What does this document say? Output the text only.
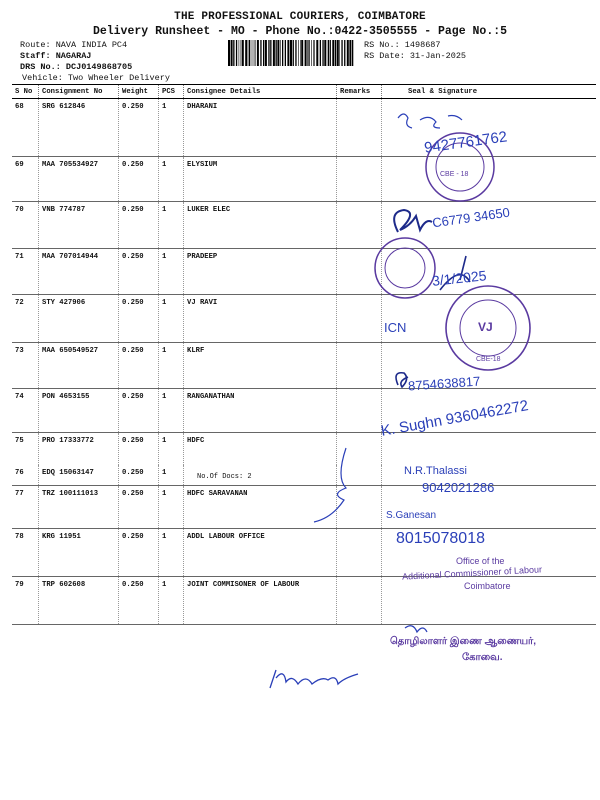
THE PROFESSIONAL COURIERS, COIMBATORE
Delivery Runsheet - MO - Phone No.:0422-3505555 - Page No.:5
Route: NAVA INDIA PC4
Staff: NAGARAJ
DRS No.: DCJ0149868705
Vehicle: Two Wheeler Delivery
RS No.: 1498687
RS Date: 31-Jan-2025
S No	Consignment No	Weight	PCS	Consignee Details	Remarks	Seal & Signature
68	SRG 612846	0.250	1	DHARANI		
69	MAA 705534927	0.250	1	ELYSIUM		
70	VNB 774787	0.250	1	LUKER ELEC		
71	MAA 707014944	0.250	1	PRADEEP		
72	STY 427906	0.250	1	VJ RAVI		
73	MAA 650549527	0.250	1	KLRF		
74	PON 4653155	0.250	1	RANGANATHAN		
75	PRO 17333772	0.250	1	HDFC		
76	EDQ 15063147	0.250	1	No.Of Docs: 2		

77	TRZ 100111013	0.250	1	HDFC SARAVANAN		
78	KRG 11951	0.250	1	ADDL LABOUR OFFICE		
79	TRP 602608	0.250	1	JOINT COMMISONER OF LABOUR		
9427761762
CBE - 18
C6779 34650
3/1/2025
ICN	VJ
CBE-18
8754638817
K. Sughn 9360462272
N.R.Thalassi
9042021286
S.Ganesan
8015078018
Office of the
Additional Commissioner of Labour
Coimbatore
தொழிலாளர் இணை ஆணையர்,
கோவை.
